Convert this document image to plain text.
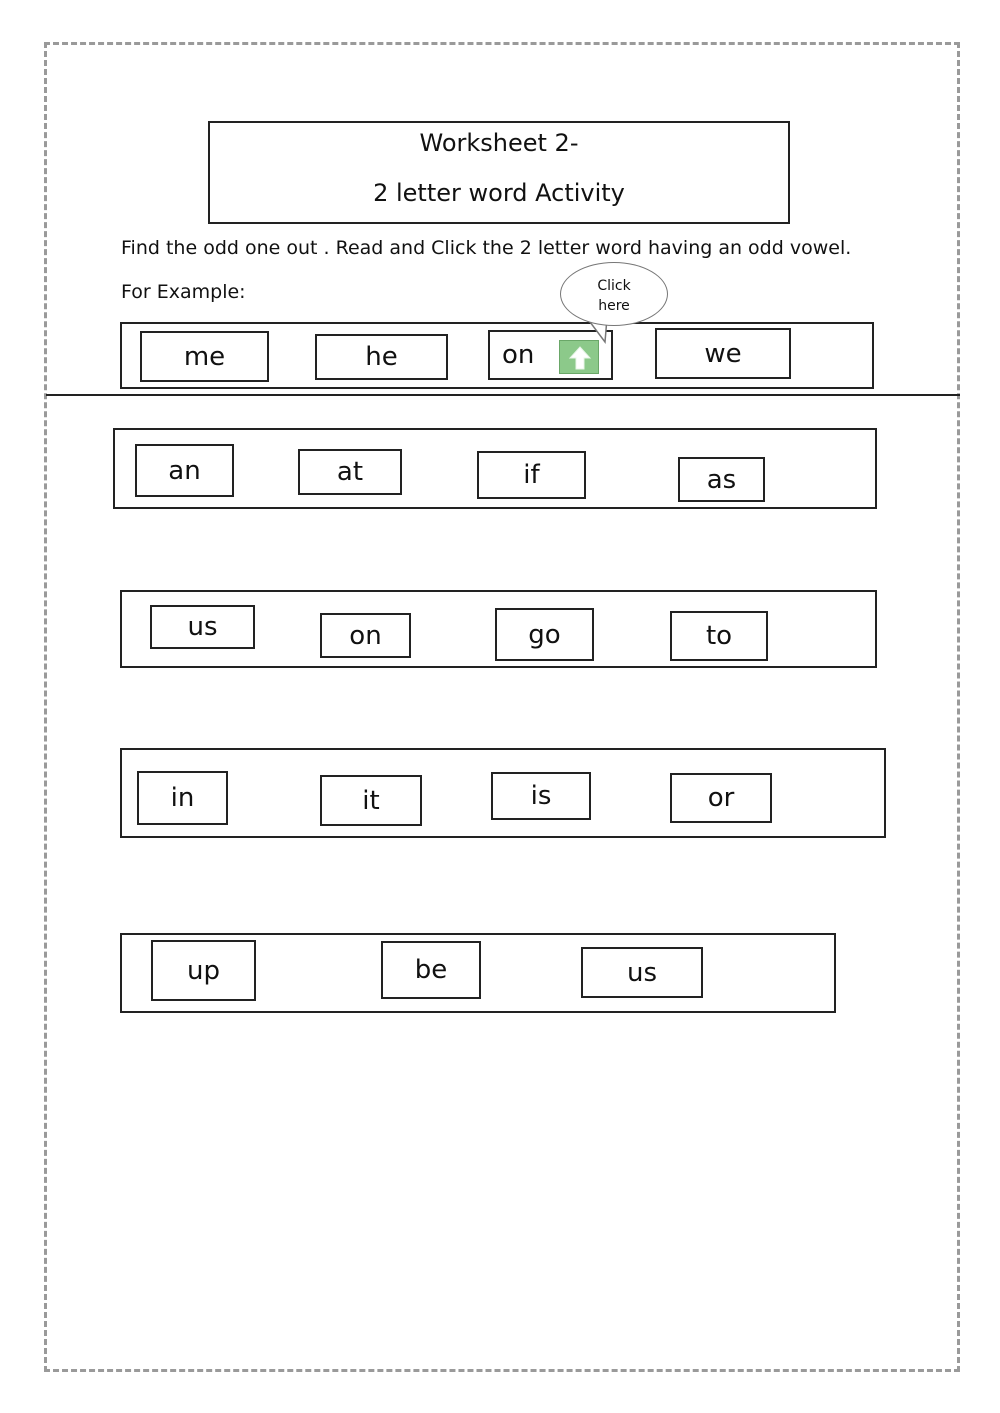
Worksheet 2-
2 letter word Activity
Find the odd one out . Read and Click the 2 letter word having an odd vowel.
For Example:
me	he	on	we
Click
here
an	at	if	as
us	on	go	to
in	it	is	or
up	be	us
